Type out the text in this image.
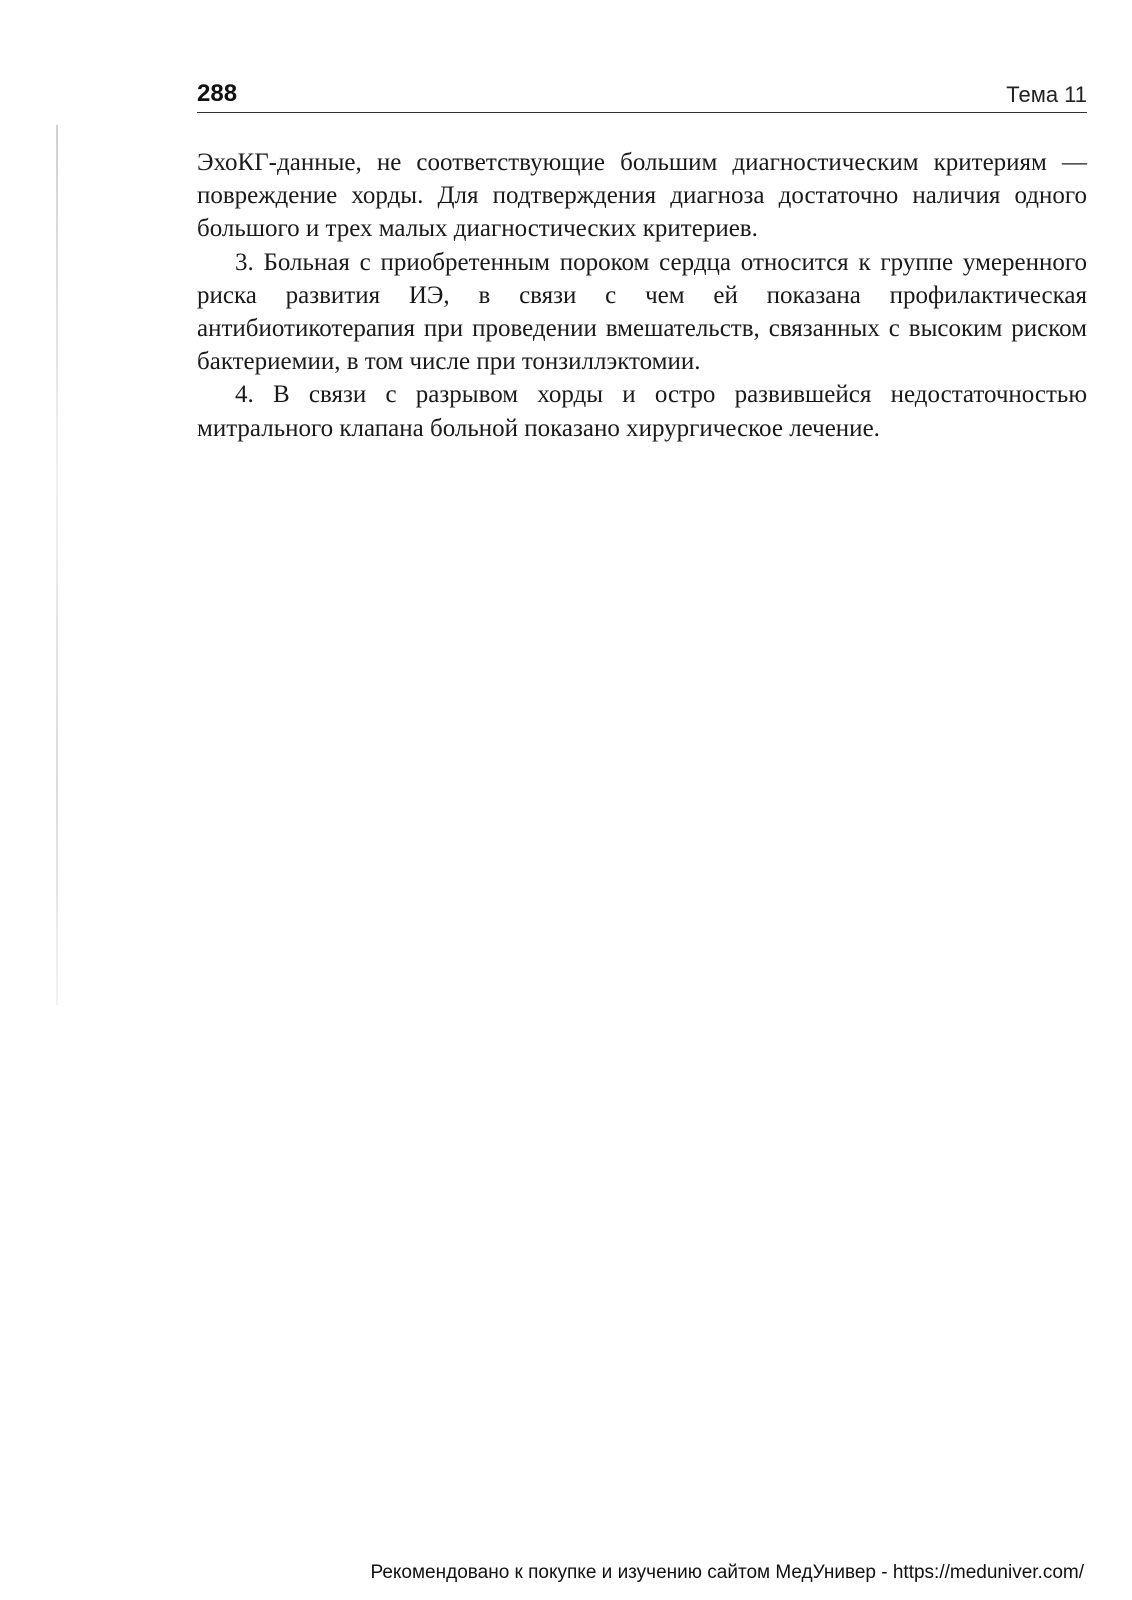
288	Тема 11

ЭхоКГ-данные, не соответствующие большим диагностическим критериям — повреждение хорды. Для подтверждения диагноза достаточно наличия одного большого и трех малых диагностических критериев.

3. Больная с приобретенным пороком сердца относится к группе умеренного риска развития ИЭ, в связи с чем ей показана профилактическая антибиотикотерапия при проведении вмешательств, связанных с высоким риском бактериемии, в том числе при тонзиллэктомии.

4. В связи с разрывом хорды и остро развившейся недостаточностью митрального клапана больной показано хирургическое лечение.

Рекомендовано к покупке и изучению сайтом МедУнивер - https://meduniver.com/
